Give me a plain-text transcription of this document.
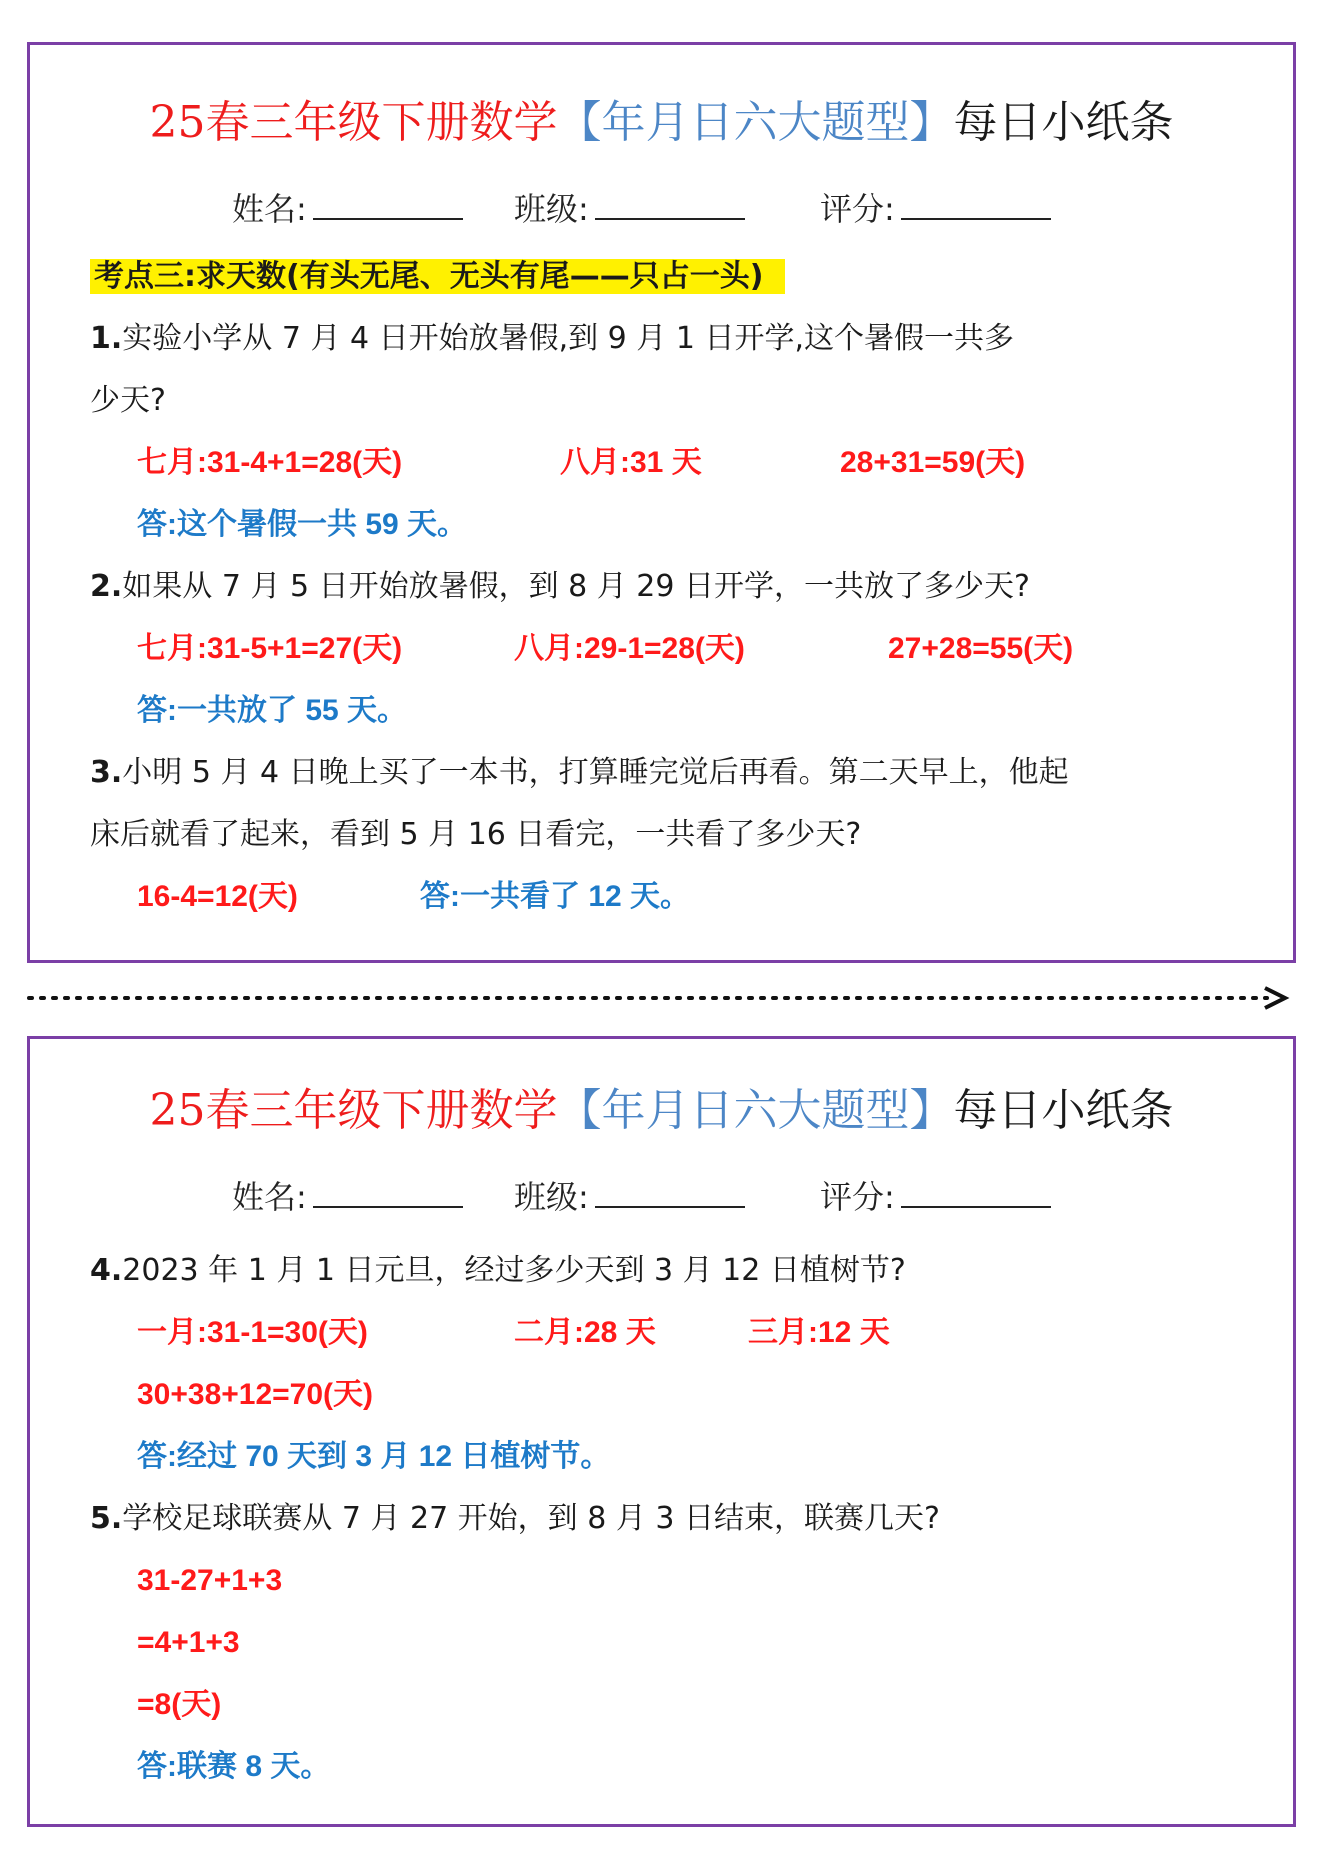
25春三年级下册数学【年月日六大题型】每日小纸条
姓名:	班级:	评分:
考点三:求天数(有头无尾、无头有尾——只占一头)
1.实验小学从 7 月 4 日开始放暑假,到 9 月 1 日开学,这个暑假一共多
少天?
七月:31-4+1=28(天)	八月:31 天	28+31=59(天)
答:这个暑假一共 59 天。
2.如果从 7 月 5 日开始放暑假，到 8 月 29 日开学，一共放了多少天?
七月:31-5+1=27(天)	八月:29-1=28(天)	27+28=55(天)
答:一共放了 55 天。
3.小明 5 月 4 日晚上买了一本书，打算睡完觉后再看。第二天早上，他起
床后就看了起来，看到 5 月 16 日看完，一共看了多少天?
16-4=12(天)	答:一共看了 12 天。
25春三年级下册数学【年月日六大题型】每日小纸条
姓名:	班级:	评分:
4.2023 年 1 月 1 日元旦，经过多少天到 3 月 12 日植树节?
一月:31-1=30(天)	二月:28 天	三月:12 天
30+38+12=70(天)
答:经过 70 天到 3 月 12 日植树节。
5.学校足球联赛从 7 月 27 开始，到 8 月 3 日结束，联赛几天?
31-27+1+3
=4+1+3
=8(天)
答:联赛 8 天。
